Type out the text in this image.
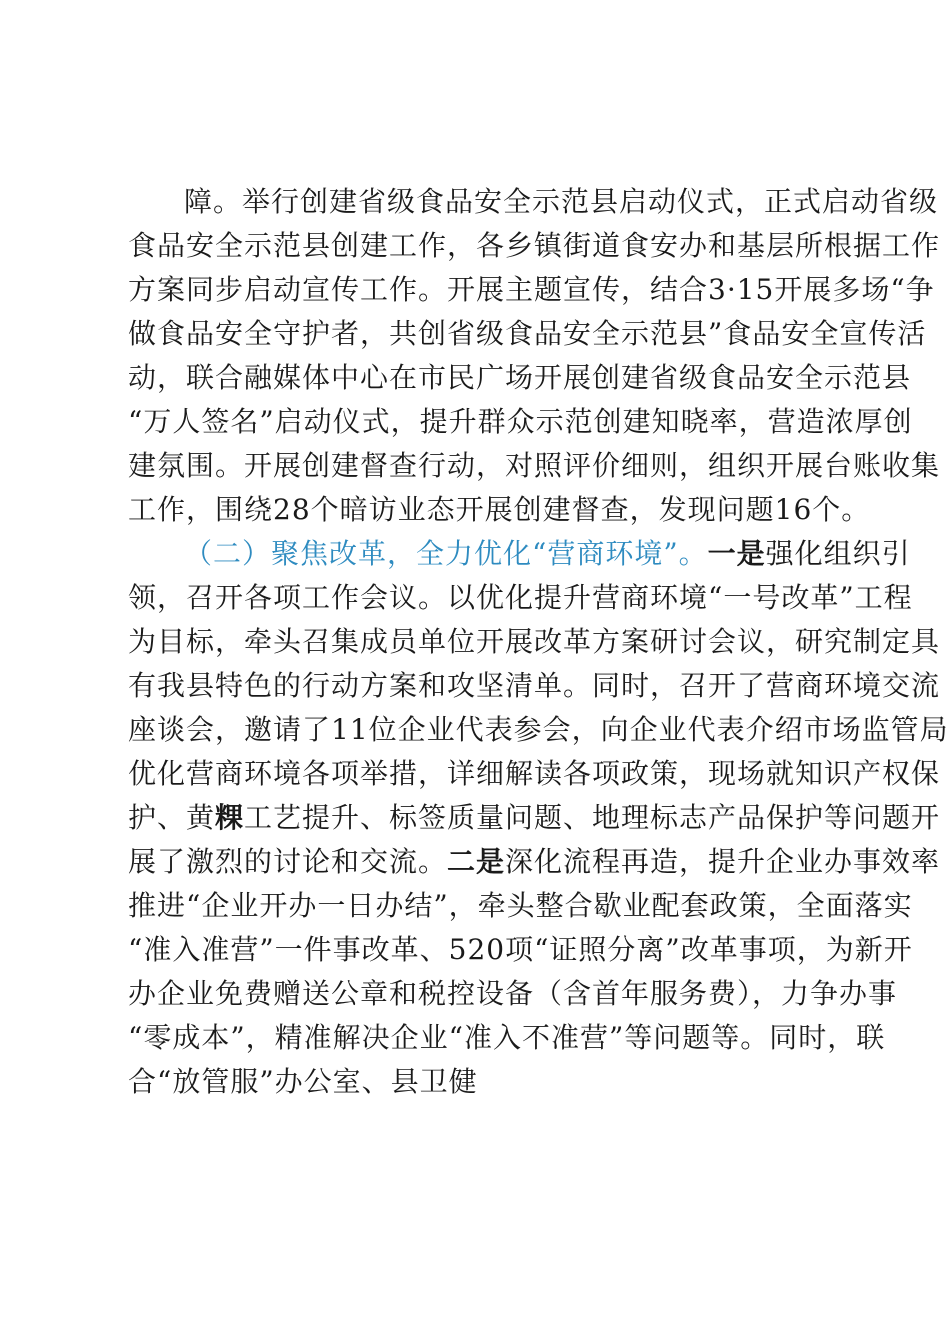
障。举行创建省级食品安全示范县启动仪式，正式启动省级
食品安全示范县创建工作，各乡镇街道食安办和基层所根据工作
方案同步启动宣传工作。开展主题宣传，结合3·15开展多场“争
做食品安全守护者，共创省级食品安全示范县”食品安全宣传活
动，联合融媒体中心在市民广场开展创建省级食品安全示范县
“万人签名”启动仪式，提升群众示范创建知晓率，营造浓厚创
建氛围。开展创建督查行动，对照评价细则，组织开展台账收集
工作，围绕28个暗访业态开展创建督查，发现问题16个。
（二）聚焦改革，全力优化“营商环境”。一是强化组织引
领，召开各项工作会议。以优化提升营商环境“一号改革”工程
为目标，牵头召集成员单位开展改革方案研讨会议，研究制定具
有我县特色的行动方案和攻坚清单。同时，召开了营商环境交流
座谈会，邀请了11位企业代表参会，向企业代表介绍市场监管局
优化营商环境各项举措，详细解读各项政策，现场就知识产权保
护、黄粿工艺提升、标签质量问题、地理标志产品保护等问题开
展了激烈的讨论和交流。二是深化流程再造，提升企业办事效率
推进“企业开办一日办结”，牵头整合歇业配套政策，全面落实
“准入准营”一件事改革、520项“证照分离”改革事项，为新开
办企业免费赠送公章和税控设备（含首年服务费），力争办事
“零成本”，精准解决企业“准入不准营”等问题等。同时，联
合“放管服”办公室、县卫健
